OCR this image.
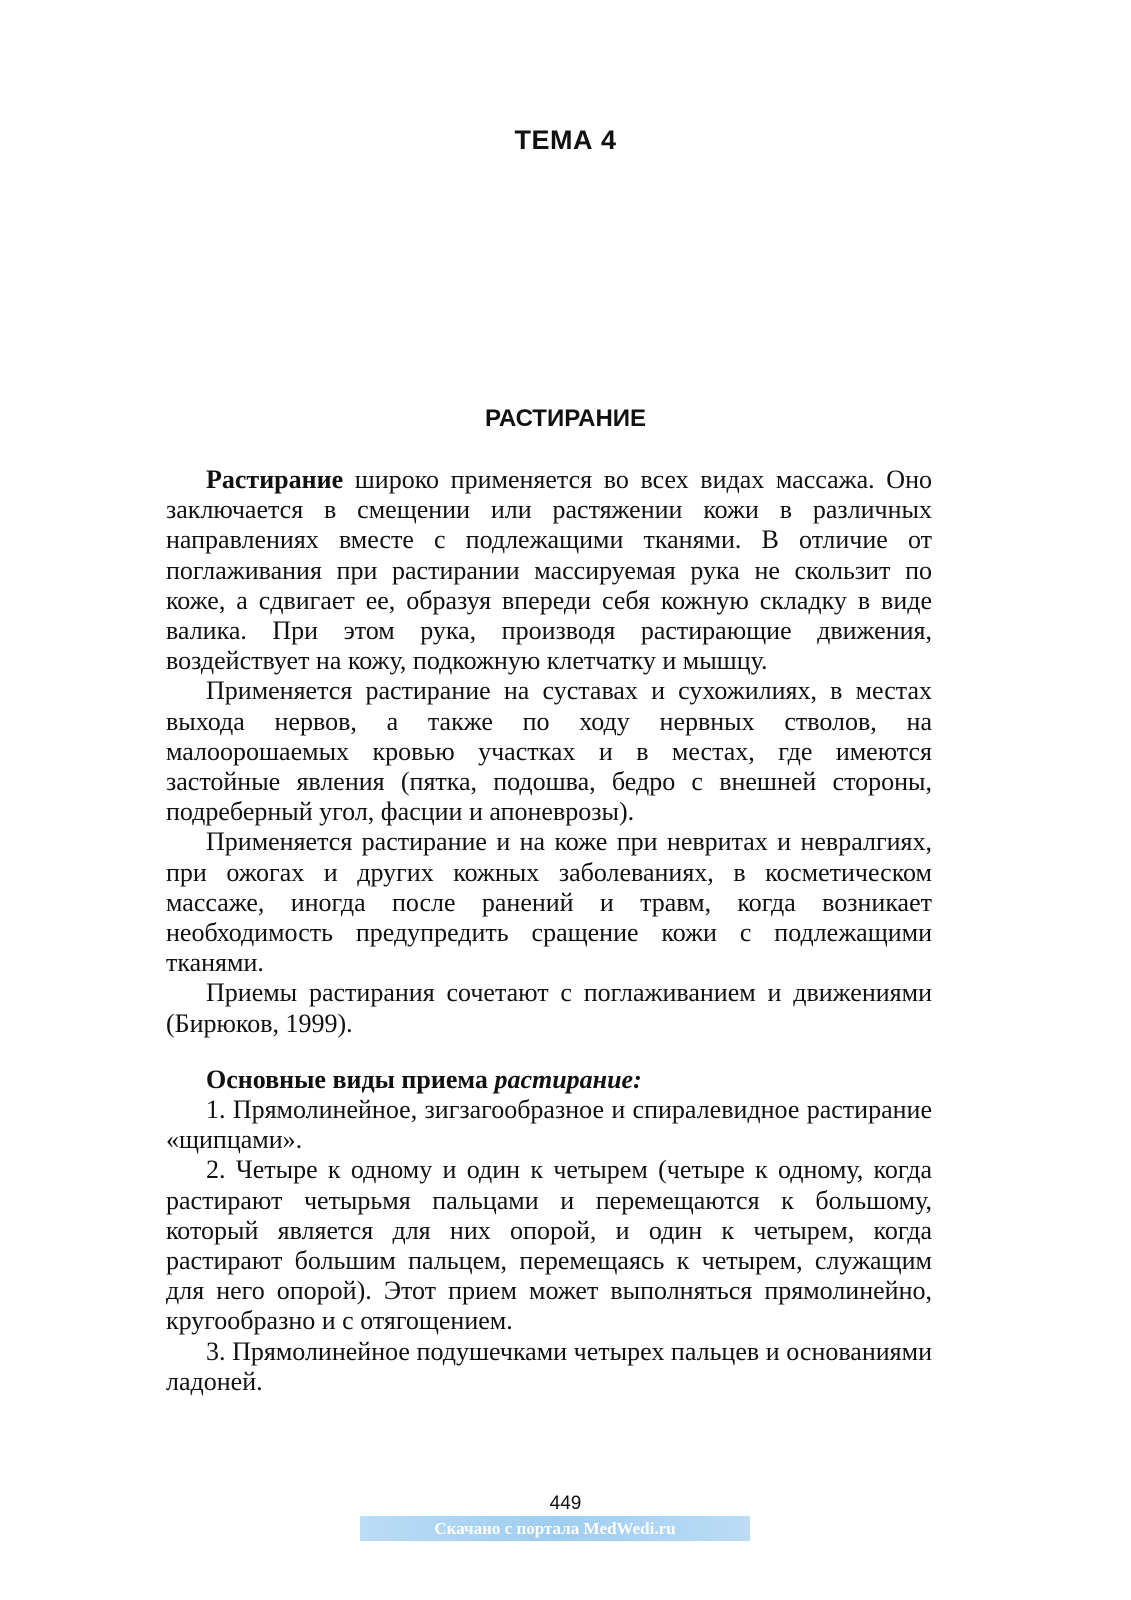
ТЕМА 4
РАСТИРАНИЕ

Растирание широко применяется во всех видах массажа. Оно заключается в смещении или растяжении кожи в различных направлениях вместе с подлежащими тканями. В отличие от поглаживания при растирании массируемая рука не скользит по коже, а сдвигает ее, образуя впереди себя кожную складку в виде валика. При этом рука, производя растирающие движения, воздействует на кожу, подкожную клетчатку и мышцу.

Применяется растирание на суставах и сухожилиях, в местах выхода нервов, а также по ходу нервных стволов, на малоорошаемых кровью участках и в местах, где имеются застойные явления (пятка, подошва, бедро с внешней стороны, подреберный угол, фасции и апоневрозы).

Применяется растирание и на коже при невритах и невралгиях, при ожогах и других кожных заболеваниях, в косметическом массаже, иногда после ранений и травм, когда возникает необходимость предупредить сращение кожи с подлежащими тканями.

Приемы растирания сочетают с поглаживанием и движениями (Бирюков, 1999).

Основные виды приема растирание:

1. Прямолинейное, зигзагообразное и спиралевидное растирание «щипцами».

2. Четыре к одному и один к четырем (четыре к одному, когда растирают четырьмя пальцами и перемещаются к большому, который является для них опорой, и один к четырем, когда растирают большим пальцем, перемещаясь к четырем, служащим для него опорой). Этот прием может выполняться прямолинейно, кругообразно и с отягощением.

3. Прямолинейное подушечками четырех пальцев и основаниями ладоней.

449
Скачано с портала MedWedi.ru
